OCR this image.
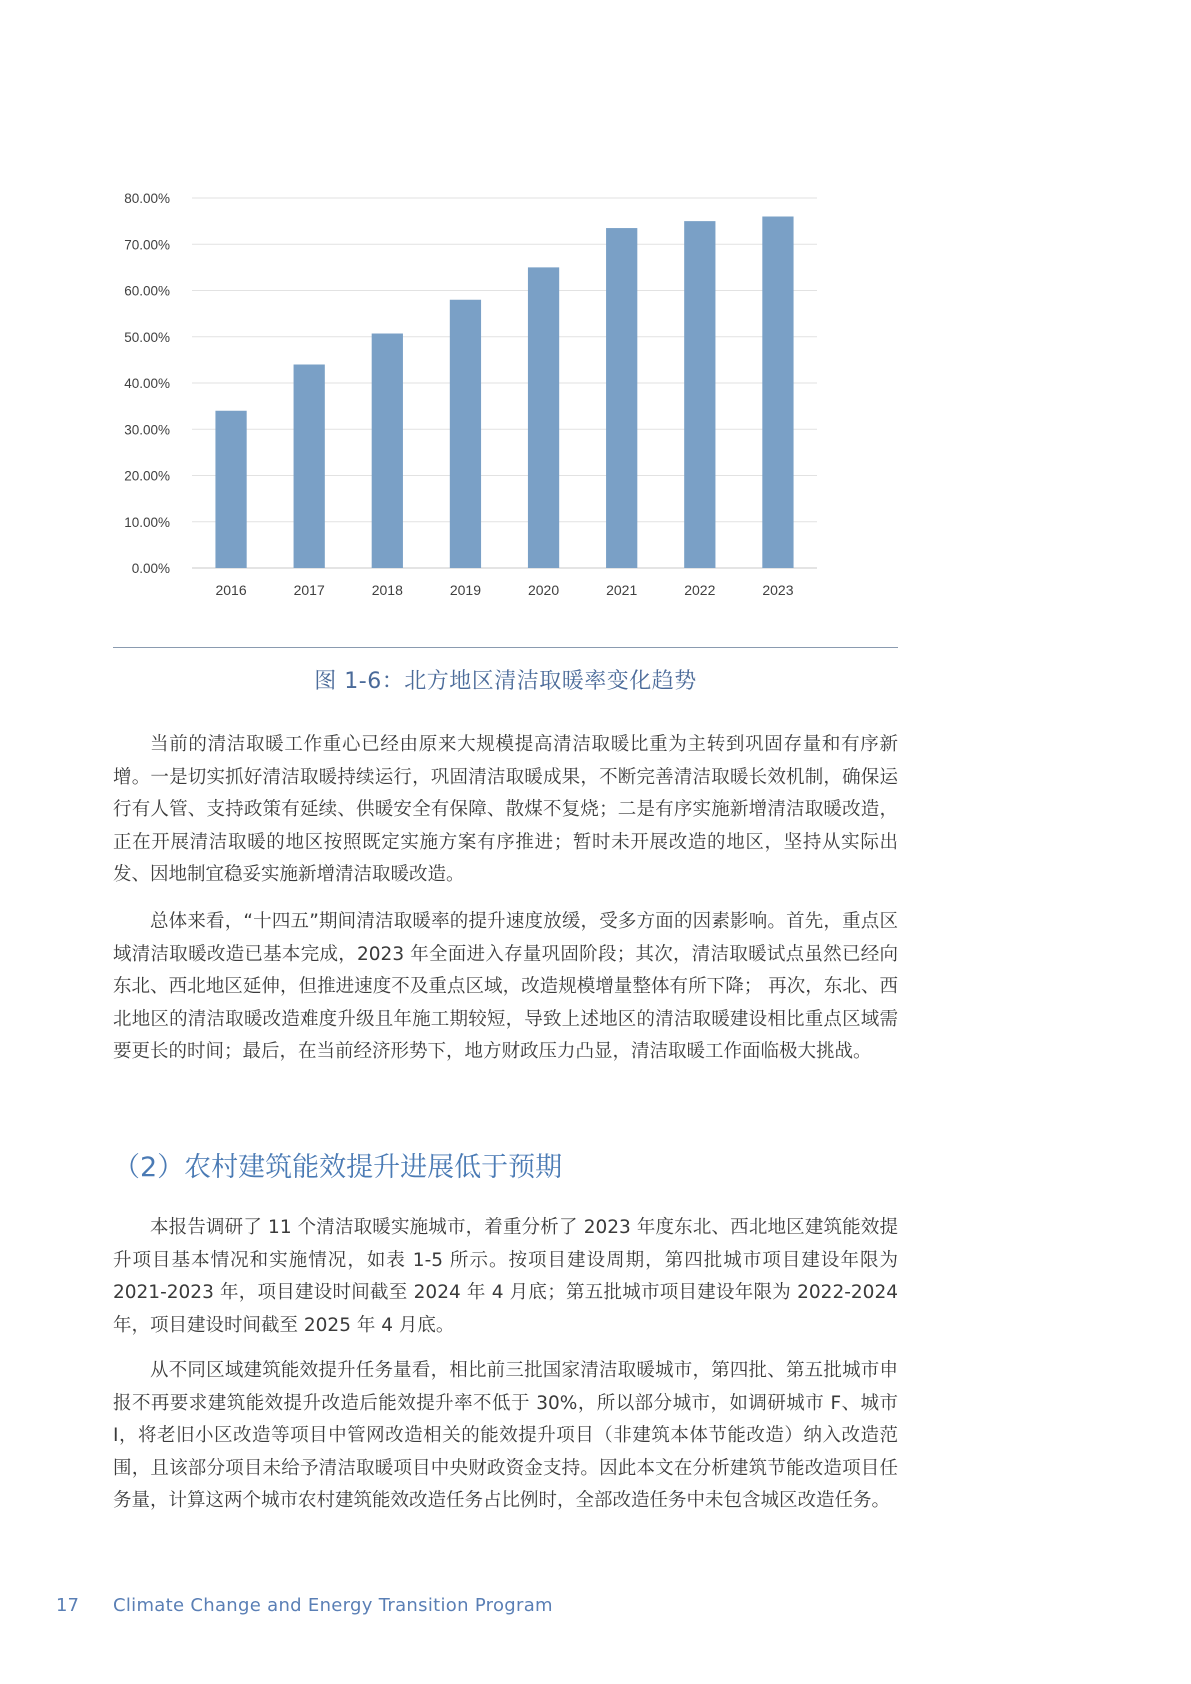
0.00%
10.00%
20.00%
30.00%
40.00%
50.00%
60.00%
70.00%
80.00%
2016	2017	2018	2019	2020	2021	2022	2023
图 1-6：北方地区清洁取暖率变化趋势

当前的清洁取暖工作重心已经由原来大规模提高清洁取暖比重为主转到巩固存量和有序新增。一是切实抓好清洁取暖持续运行，巩固清洁取暖成果，不断完善清洁取暖长效机制，确保运行有人管、支持政策有延续、供暖安全有保障、散煤不复烧；二是有序实施新增清洁取暖改造，正在开展清洁取暖的地区按照既定实施方案有序推进；暂时未开展改造的地区，坚持从实际出发、因地制宜稳妥实施新增清洁取暖改造。

总体来看，“十四五”期间清洁取暖率的提升速度放缓，受多方面的因素影响。首先，重点区域清洁取暖改造已基本完成，2023 年全面进入存量巩固阶段；其次，清洁取暖试点虽然已经向东北、西北地区延伸，但推进速度不及重点区域，改造规模增量整体有所下降； 再次，东北、西北地区的清洁取暖改造难度升级且年施工期较短，导致上述地区的清洁取暖建设相比重点区域需要更长的时间；最后，在当前经济形势下，地方财政压力凸显，清洁取暖工作面临极大挑战。

（2）农村建筑能效提升进展低于预期

本报告调研了 11 个清洁取暖实施城市，着重分析了 2023 年度东北、西北地区建筑能效提升项目基本情况和实施情况，如表 1-5 所示。按项目建设周期，第四批城市项目建设年限为 2021-2023 年，项目建设时间截至 2024 年 4 月底；第五批城市项目建设年限为 2022-2024 年，项目建设时间截至 2025 年 4 月底。

从不同区域建筑能效提升任务量看，相比前三批国家清洁取暖城市，第四批、第五批城市申报不再要求建筑能效提升改造后能效提升率不低于 30%，所以部分城市，如调研城市 F、城市 I，将老旧小区改造等项目中管网改造相关的能效提升项目（非建筑本体节能改造）纳入改造范围，且该部分项目未给予清洁取暖项目中央财政资金支持。因此本文在分析建筑节能改造项目任务量，计算这两个城市农村建筑能效改造任务占比例时，全部改造任务中未包含城区改造任务。

17 Climate Change and Energy Transition Program
